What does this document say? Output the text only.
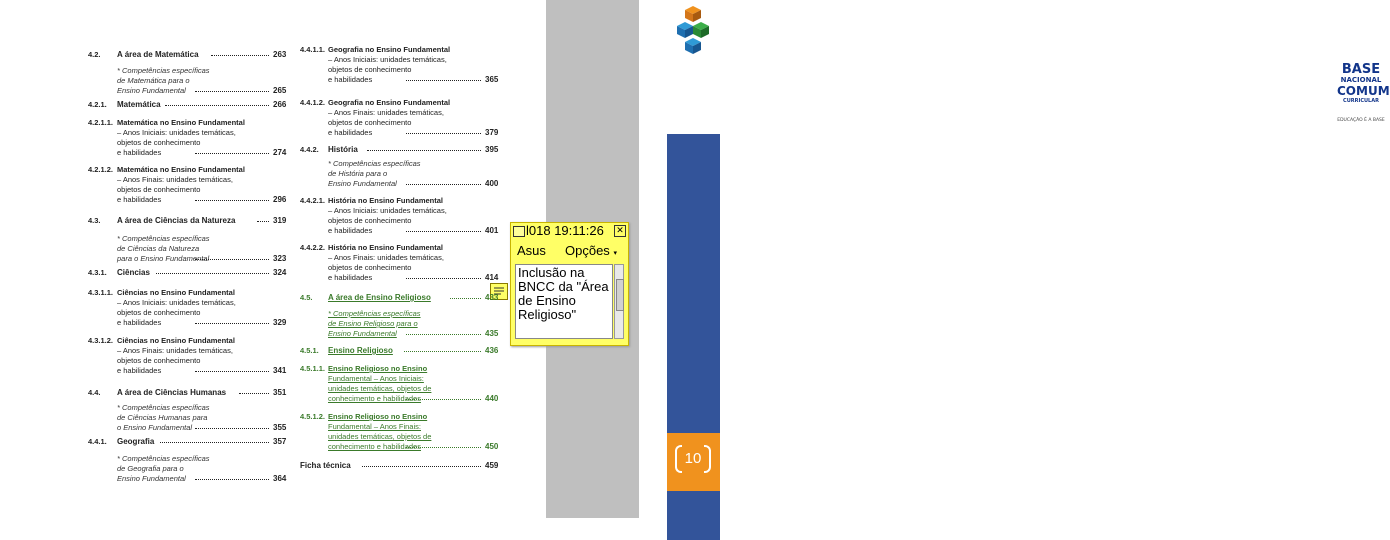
BASE
NACIONAL
COMUM
CURRICULAR
EDUCAÇÃO É A BASE
10
l018 19:11:26 ✕
Asus Opções ▾
Inclusão na BNCC da "Área de Ensino Religioso"
4.2. A área de Matemática	263
* Competências específicas
de Matemática para o
Ensino Fundamental	265
4.2.1. Matemática	266
4.2.1.1. Matemática no Ensino Fundamental
– Anos Iniciais: unidades temáticas,
objetos de conhecimento
e habilidades	274
4.2.1.2. Matemática no Ensino Fundamental
– Anos Finais: unidades temáticas,
objetos de conhecimento
e habilidades	296
4.3. A área de Ciências da Natureza	319
* Competências específicas
de Ciências da Natureza
para o Ensino Fundamental	323
4.3.1. Ciências	324
4.3.1.1. Ciências no Ensino Fundamental
– Anos Iniciais: unidades temáticas,
objetos de conhecimento
e habilidades	329
4.3.1.2. Ciências no Ensino Fundamental
– Anos Finais: unidades temáticas,
objetos de conhecimento
e habilidades	341
4.4. A área de Ciências Humanas	351
* Competências específicas
de Ciências Humanas para
o Ensino Fundamental	355
4.4.1. Geografia	357
* Competências específicas
de Geografia para o
Ensino Fundamental	364
4.4.1.1. Geografia no Ensino Fundamental
– Anos Iniciais: unidades temáticas,
objetos de conhecimento
e habilidades	365
4.4.1.2. Geografia no Ensino Fundamental
– Anos Finais: unidades temáticas,
objetos de conhecimento
e habilidades	379
4.4.2. História	395
* Competências específicas
de História para o
Ensino Fundamental	400
4.4.2.1. História no Ensino Fundamental
– Anos Iniciais: unidades temáticas,
objetos de conhecimento
e habilidades	401
4.4.2.2. História no Ensino Fundamental
– Anos Finais: unidades temáticas,
objetos de conhecimento
e habilidades	414
4.5. A área de Ensino Religioso	433
* Competências específicas
de Ensino Religioso para o
Ensino Fundamental	435
4.5.1. Ensino Religioso	436
4.5.1.1. Ensino Religioso no Ensino
Fundamental – Anos Iniciais:
unidades temáticas, objetos de
conhecimento e habilidades	440
4.5.1.2. Ensino Religioso no Ensino
Fundamental – Anos Finais:
unidades temáticas, objetos de
conhecimento e habilidades	450
Ficha técnica	459
